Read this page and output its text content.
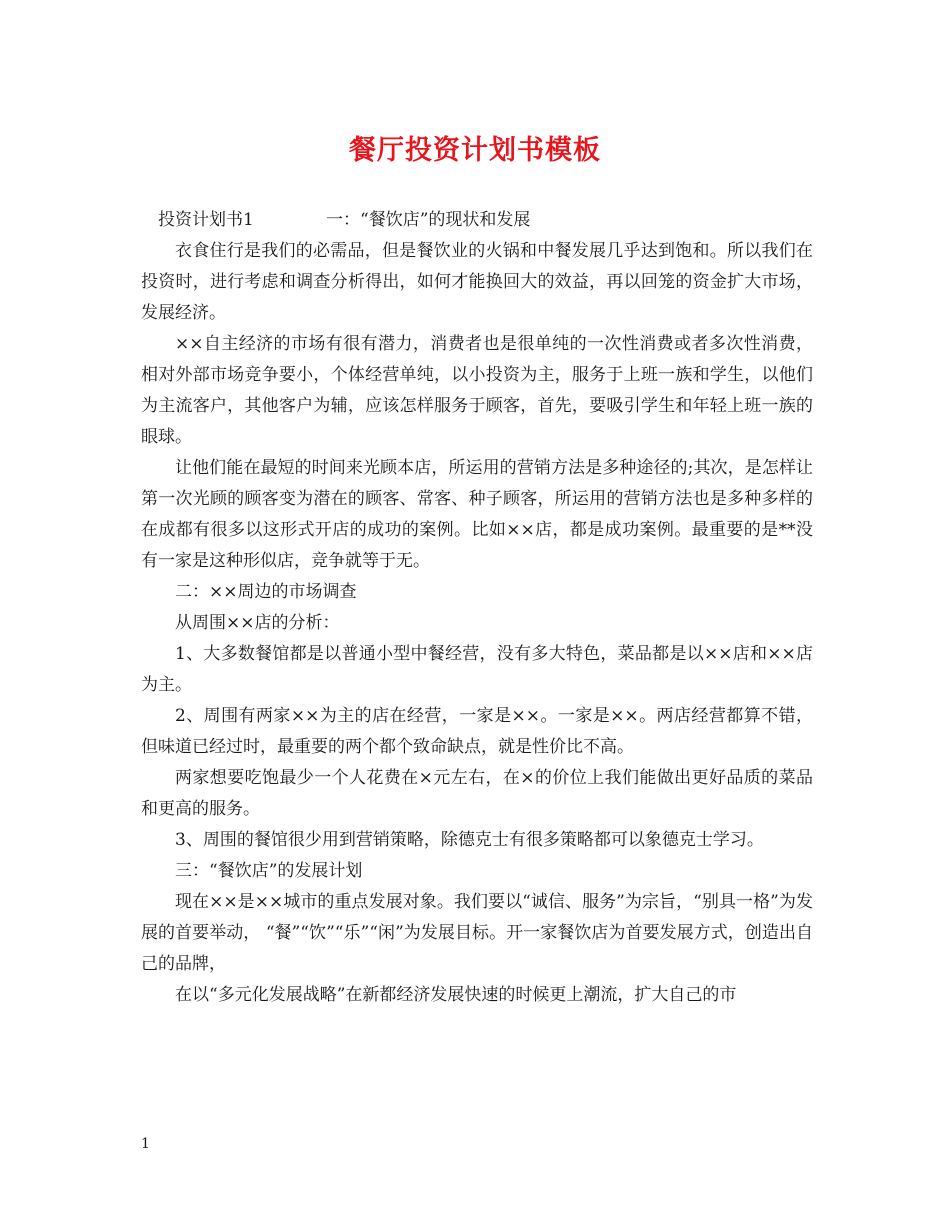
餐厅投资计划书模板

投资计划书1	一：“餐饮店”的现状和发展

衣食住行是我们的必需品，但是餐饮业的火锅和中餐发展几乎达到饱和。所以我们在投资时，进行考虑和调查分析得出，如何才能换回大的效益，再以回笼的资金扩大市场，发展经济。

××自主经济的市场有很有潜力，消费者也是很单纯的一次性消费或者多次性消费，相对外部市场竞争要小，个体经营单纯，以小投资为主，服务于上班一族和学生，以他们为主流客户，其他客户为辅，应该怎样服务于顾客，首先，要吸引学生和年轻上班一族的眼球。

让他们能在最短的时间来光顾本店，所运用的营销方法是多种途径的;其次，是怎样让第一次光顾的顾客变为潜在的顾客、常客、种子顾客，所运用的营销方法也是多种多样的在成都有很多以这形式开店的成功的案例。比如××店，都是成功案例。最重要的是**没有一家是这种形似店，竞争就等于无。

二：××周边的市场调查

从周围××店的分析：

1、大多数餐馆都是以普通小型中餐经营，没有多大特色，菜品都是以××店和××店为主。

2、周围有两家××为主的店在经营，一家是××。一家是××。两店经营都算不错，但味道已经过时，最重要的两个都个致命缺点，就是性价比不高。

两家想要吃饱最少一个人花费在×元左右，在×的价位上我们能做出更好品质的菜品和更高的服务。

3、周围的餐馆很少用到营销策略，除德克士有很多策略都可以象德克士学习。

三：“餐饮店”的发展计划

现在××是××城市的重点发展对象。我们要以“诚信、服务”为宗旨，“别具一格”为发展的首要举动， “餐”“饮”“乐”“闲”为发展目标。开一家餐饮店为首要发展方式，创造出自己的品牌，

在以“多元化发展战略”在新都经济发展快速的时候更上潮流，扩大自己的市

1
